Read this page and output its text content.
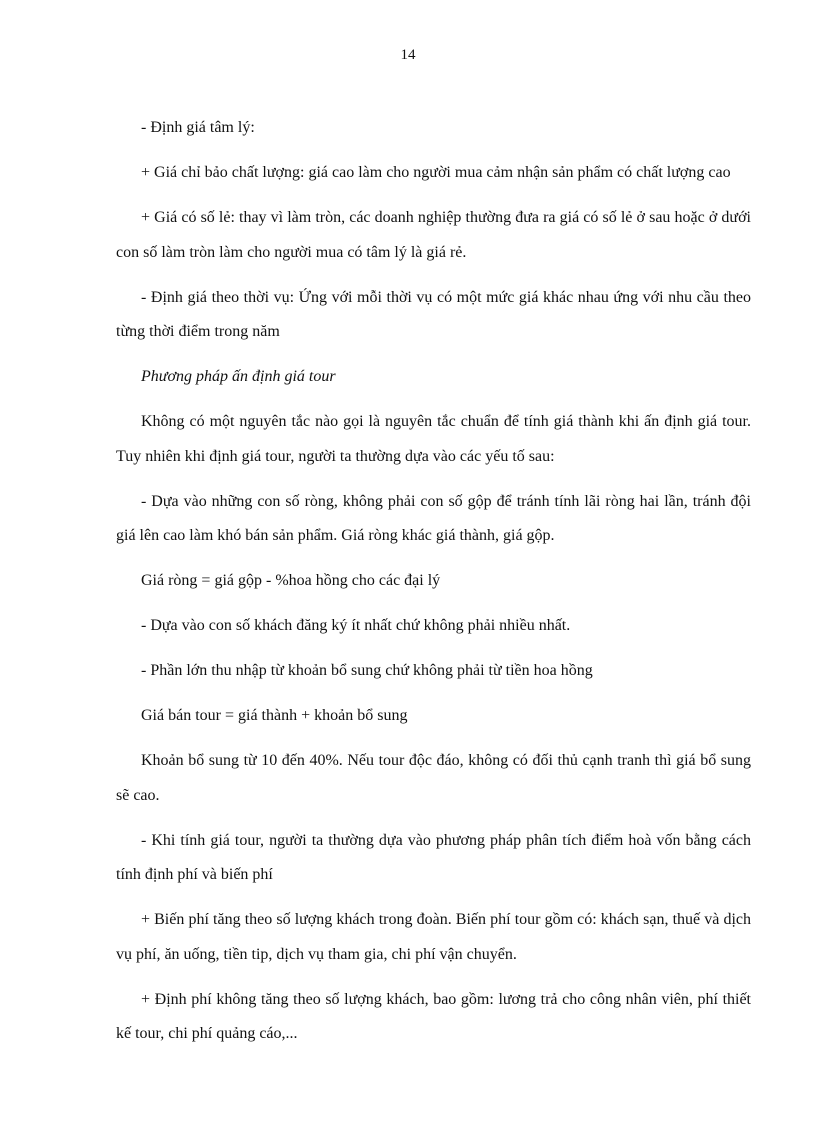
14

- Định giá tâm lý:

+ Giá chỉ bảo chất lượng: giá cao làm cho người mua cảm nhận sản phẩm có chất lượng cao

+ Giá có số lẻ: thay vì làm tròn, các doanh nghiệp thường đưa ra giá có số lẻ ở sau hoặc ở dưới con số làm tròn làm cho người mua có tâm lý là giá rẻ.

- Định giá theo thời vụ: Ứng với mỗi thời vụ có một mức giá khác nhau ứng với nhu cầu theo từng thời điểm trong năm

Phương pháp ấn định giá tour

Không có một nguyên tắc nào gọi là nguyên tắc chuẩn để tính giá thành khi ấn định giá tour. Tuy nhiên khi định giá tour, người ta thường dựa vào các yếu tố sau:

- Dựa vào những con số ròng, không phải con số gộp để tránh tính lãi ròng hai lần, tránh đội giá lên cao làm khó bán sản phẩm. Giá ròng khác giá thành, giá gộp.

Giá ròng = giá gộp - %hoa hồng cho các đại lý

- Dựa vào con số khách đăng ký ít nhất chứ không phải nhiều nhất.

- Phần lớn thu nhập từ khoản bổ sung chứ không phải từ tiền hoa hồng

Giá bán tour = giá thành + khoản bổ sung

Khoản bổ sung từ 10 đến 40%. Nếu tour độc đáo, không có đối thủ cạnh tranh thì giá bổ sung sẽ cao.

- Khi tính giá tour, người ta thường dựa vào phương pháp phân tích điểm hoà vốn bằng cách tính định phí và biến phí

+ Biến phí tăng theo số lượng khách trong đoàn. Biến phí tour gồm có: khách sạn, thuế và dịch vụ phí, ăn uống, tiền tip, dịch vụ tham gia, chi phí vận chuyển.

+ Định phí không tăng theo số lượng khách, bao gồm: lương trả cho công nhân viên, phí thiết kế tour, chi phí quảng cáo,...
